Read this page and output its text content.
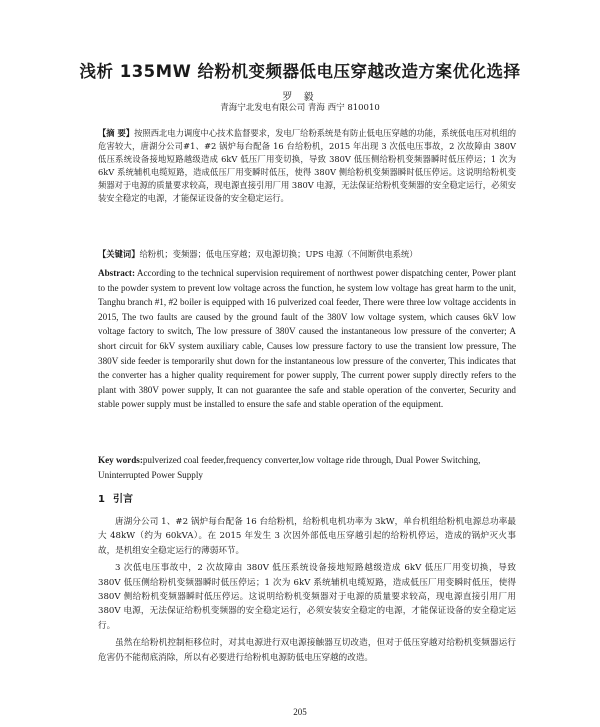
浅析 135MW 给粉机变频器低电压穿越改造方案优化选择
罗 毅
青海宁北发电有限公司 青海 西宁 810010
【摘 要】按照西北电力调度中心技术监督要求，发电厂给粉系统是有防止低电压穿越的功能，系统低电压对机组的危害较大，唐湖分公司#1、#2 锅炉每台配备 16 台给粉机，2015 年出现 3 次低电压事故，2 次故障由 380V 低压系统设备接地短路越级造成 6kV 低压厂用变切换，导致 380V 低压侧给粉机变频器瞬时低压停运；1 次为 6kV 系统辅机电缆短路，造成低压厂用变瞬时低压，使得 380V 侧给粉机变频器瞬时低压停运。这说明给粉机变频器对于电源的质量要求较高，现电源直接引用厂用 380V 电源，无法保证给粉机变频器的安全稳定运行，必须安装安全稳定的电源，才能保证设备的安全稳定运行。
【关键词】给粉机；变频器；低电压穿越；双电源切换；UPS 电源（不间断供电系统）
Abstract: According to the technical supervision requirement of northwest power dispatching center, Power plant to the powder system to prevent low voltage across the function, he system low voltage has great harm to the unit, Tanghu branch #1, #2 boiler is equipped with 16 pulverized coal feeder, There were three low voltage accidents in 2015, The two faults are caused by the ground fault of the 380V low voltage system, which causes 6kV low voltage factory to switch, The low pressure of 380V caused the instantaneous low pressure of the converter; A short circuit for 6kV system auxiliary cable, Causes low pressure factory to use the transient low pressure, The 380V side feeder is temporarily shut down for the instantaneous low pressure of the converter, This indicates that the converter has a higher quality requirement for power supply, The current power supply directly refers to the plant with 380V power supply, It can not guarantee the safe and stable operation of the converter, Security and stable power supply must be installed to ensure the safe and stable operation of the equipment.
Key words:pulverized coal feeder,frequency converter,low voltage ride through, Dual Power Switching, Uninterrupted Power Supply
1 引言

唐湖分公司 1、#2 锅炉每台配备 16 台给粉机，给粉机电机功率为 3kW，单台机组给粉机电源总功率最大 48kW（约为 60kVA）。在 2015 年发生 3 次因外部低电压穿越引起的给粉机停运，造成的锅炉灭火事故，是机组安全稳定运行的薄弱环节。

3 次低电压事故中，2 次故障由 380V 低压系统设备接地短路越级造成 6kV 低压厂用变切换，导致 380V 低压侧给粉机变频器瞬时低压停运；1 次为 6kV 系统辅机电缆短路，造成低压厂用变瞬时低压，使得 380V 侧给粉机变频器瞬时低压停运。这说明给粉机变频器对于电源的质量要求较高，现电源直接引用厂用 380V 电源，无法保证给粉机变频器的安全稳定运行，必须安装安全稳定的电源，才能保证设备的安全稳定运行。

虽然在给粉机控制柜移位时，对其电源进行双电源接触器互切改造，但对于低压穿越对给粉机变频器运行危害仍不能彻底消除，所以有必要进行给粉机电源防低电压穿越的改造。

205
